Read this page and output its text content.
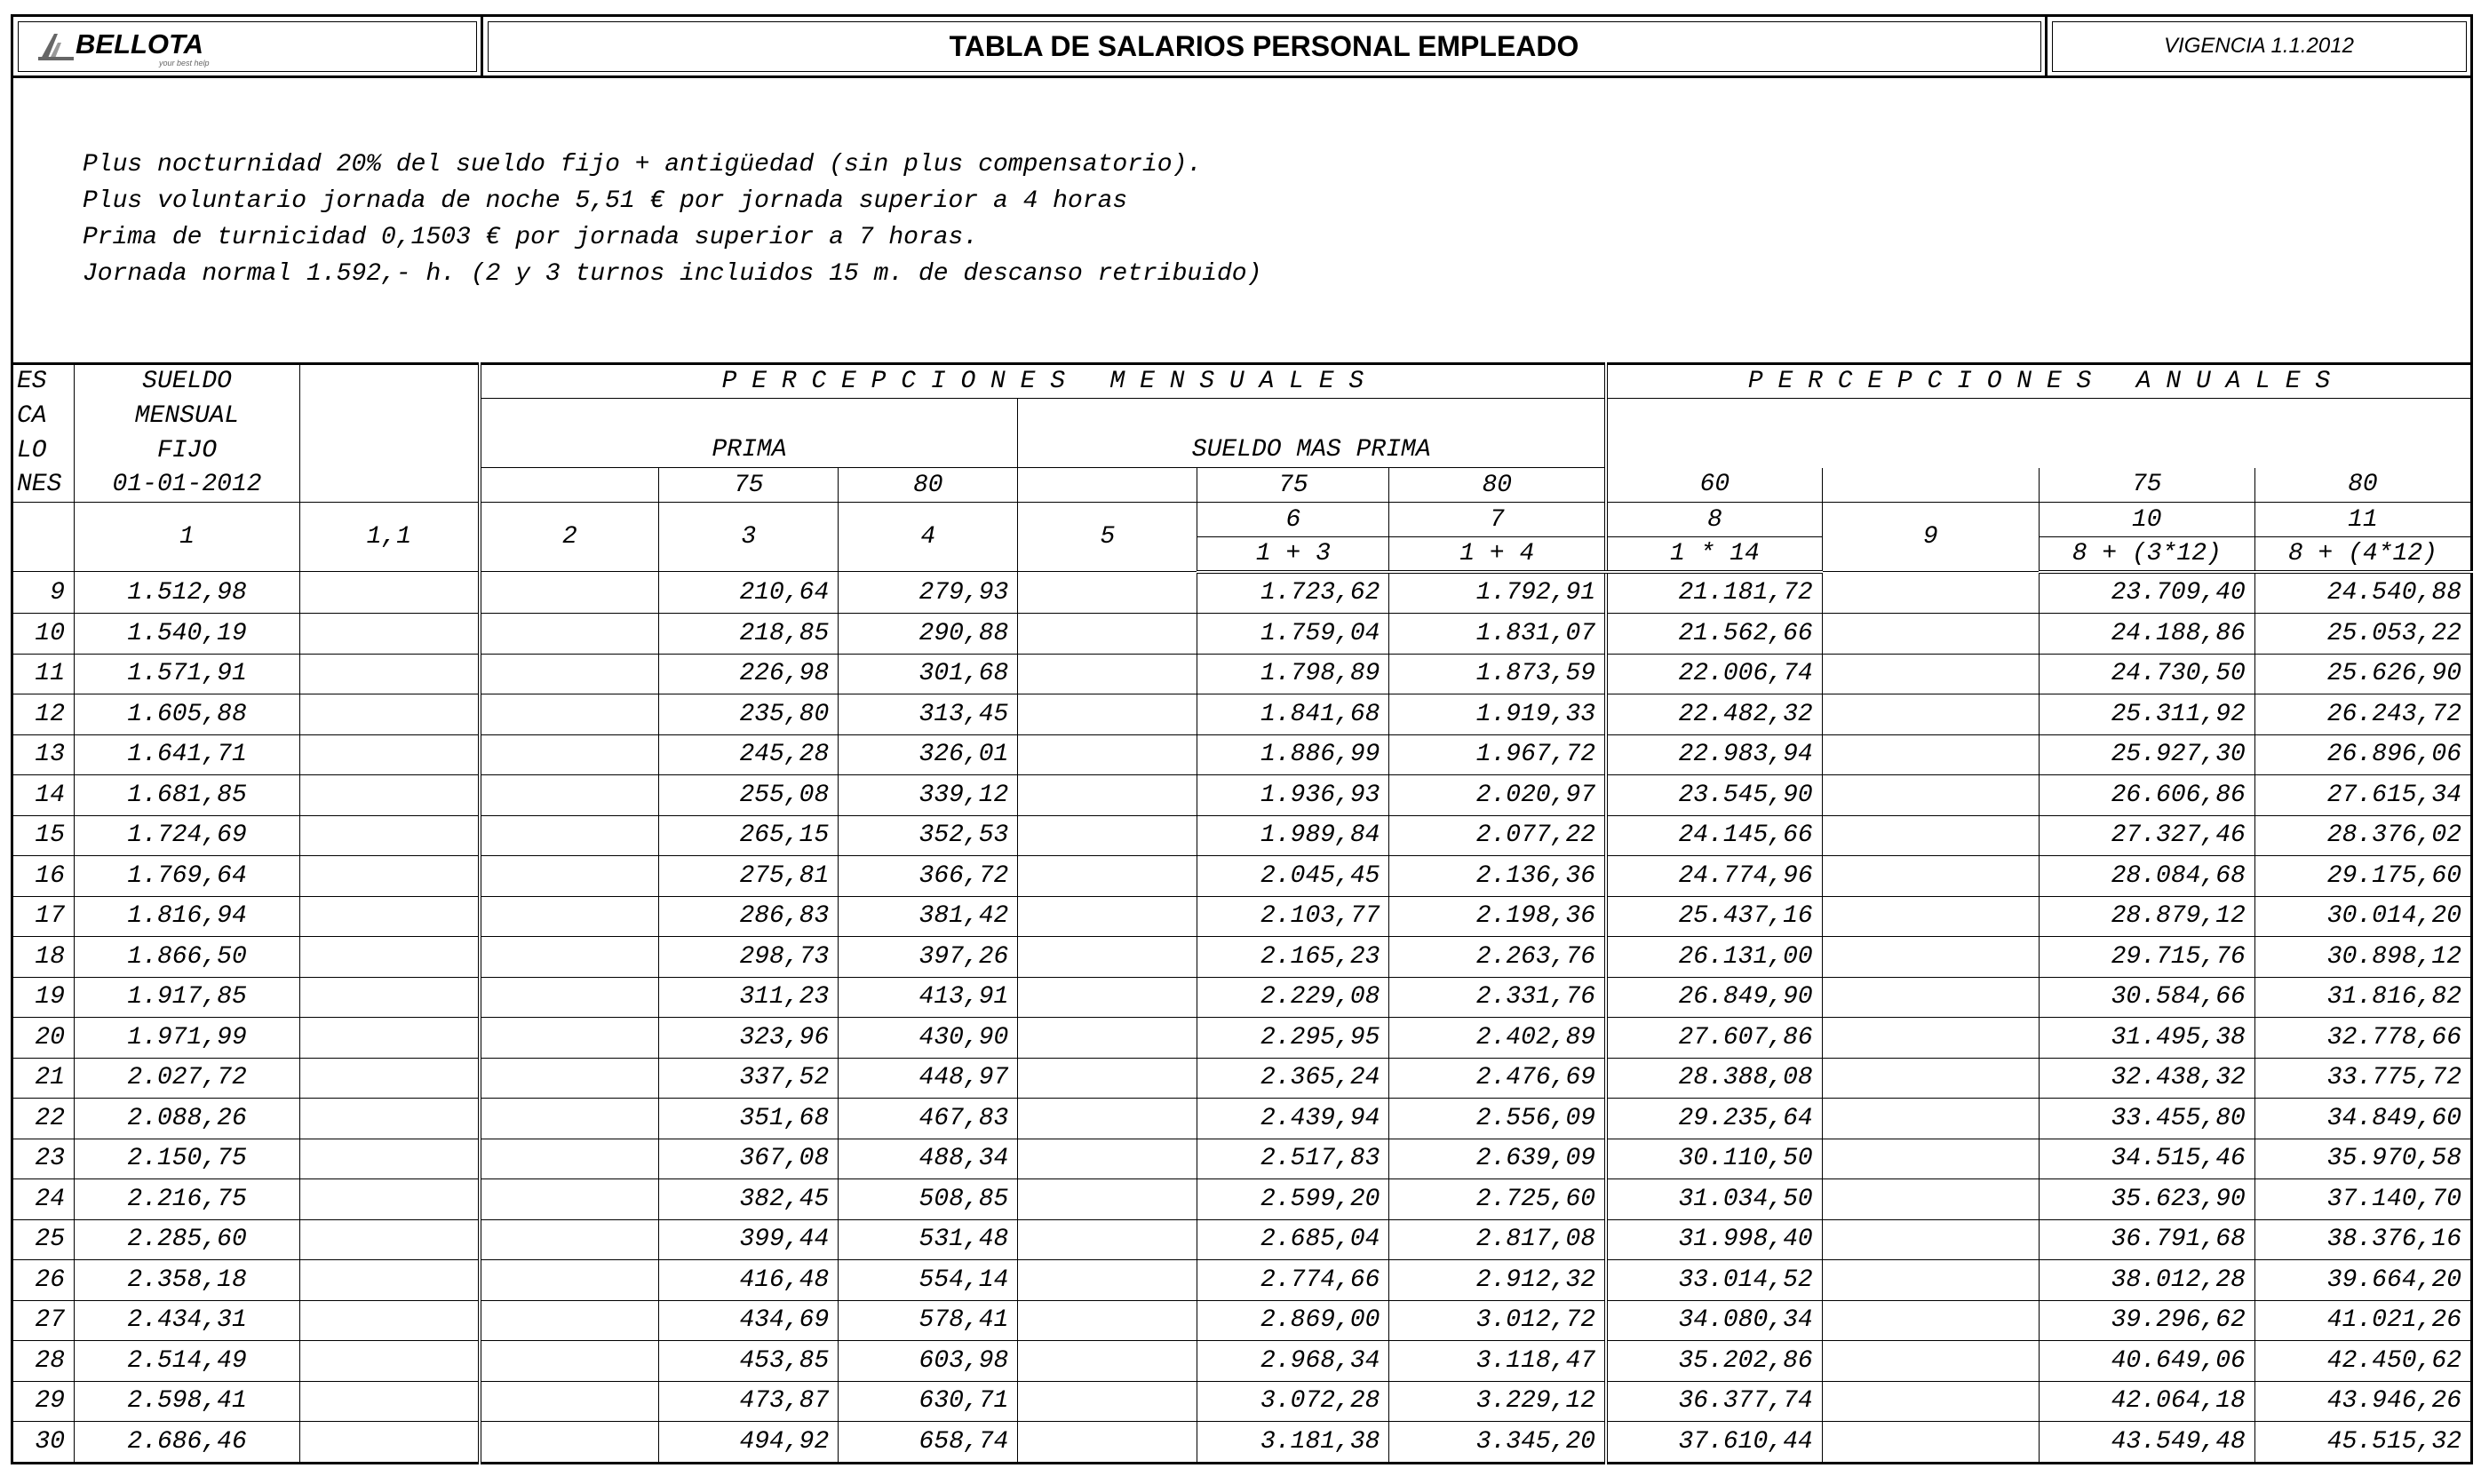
BELLOTA
your best help
	TABLA DE SALARIOS PERSONAL EMPLEADO	VIGENCIA 1.1.2012
Plus nocturnidad 20% del sueldo fijo + antigüedad (sin plus compensatorio).
Plus voluntario jornada de noche 5,51 € por jornada superior a 4 horas
Prima de turnicidad 0,1503 € por jornada superior a 7 horas.
Jornada normal 1.592,- h. (2 y 3 turnos incluidos 15 m. de descanso retribuido)
ES	SUELDO		P E R C E P C I O N E S   M E N S U A L E S						P E R C E P C I O N E S   A N U A L E S			
CA	MENSUAL											
LO	FIJO		PRIMA			SUELDO MAS PRIMA						
NES	01-01-2012			75	80		75	80	60		75	80
	1	1,1	2	3	4	5	6	7	8	9	10	11
							1 + 3	1 + 4	1 * 14		8 + (3*12)	8 + (4*12)
9	1.512,98			210,64	279,93		1.723,62	1.792,91	21.181,72		23.709,40	24.540,88
10	1.540,19			218,85	290,88		1.759,04	1.831,07	21.562,66		24.188,86	25.053,22
11	1.571,91			226,98	301,68		1.798,89	1.873,59	22.006,74		24.730,50	25.626,90
12	1.605,88			235,80	313,45		1.841,68	1.919,33	22.482,32		25.311,92	26.243,72
13	1.641,71			245,28	326,01		1.886,99	1.967,72	22.983,94		25.927,30	26.896,06
14	1.681,85			255,08	339,12		1.936,93	2.020,97	23.545,90		26.606,86	27.615,34
15	1.724,69			265,15	352,53		1.989,84	2.077,22	24.145,66		27.327,46	28.376,02
16	1.769,64			275,81	366,72		2.045,45	2.136,36	24.774,96		28.084,68	29.175,60
17	1.816,94			286,83	381,42		2.103,77	2.198,36	25.437,16		28.879,12	30.014,20
18	1.866,50			298,73	397,26		2.165,23	2.263,76	26.131,00		29.715,76	30.898,12
19	1.917,85			311,23	413,91		2.229,08	2.331,76	26.849,90		30.584,66	31.816,82
20	1.971,99			323,96	430,90		2.295,95	2.402,89	27.607,86		31.495,38	32.778,66
21	2.027,72			337,52	448,97		2.365,24	2.476,69	28.388,08		32.438,32	33.775,72
22	2.088,26			351,68	467,83		2.439,94	2.556,09	29.235,64		33.455,80	34.849,60
23	2.150,75			367,08	488,34		2.517,83	2.639,09	30.110,50		34.515,46	35.970,58
24	2.216,75			382,45	508,85		2.599,20	2.725,60	31.034,50		35.623,90	37.140,70
25	2.285,60			399,44	531,48		2.685,04	2.817,08	31.998,40		36.791,68	38.376,16
26	2.358,18			416,48	554,14		2.774,66	2.912,32	33.014,52		38.012,28	39.664,20
27	2.434,31			434,69	578,41		2.869,00	3.012,72	34.080,34		39.296,62	41.021,26
28	2.514,49			453,85	603,98		2.968,34	3.118,47	35.202,86		40.649,06	42.450,62
29	2.598,41			473,87	630,71		3.072,28	3.229,12	36.377,74		42.064,18	43.946,26
30	2.686,46			494,92	658,74		3.181,38	3.345,20	37.610,44		43.549,48	45.515,32
